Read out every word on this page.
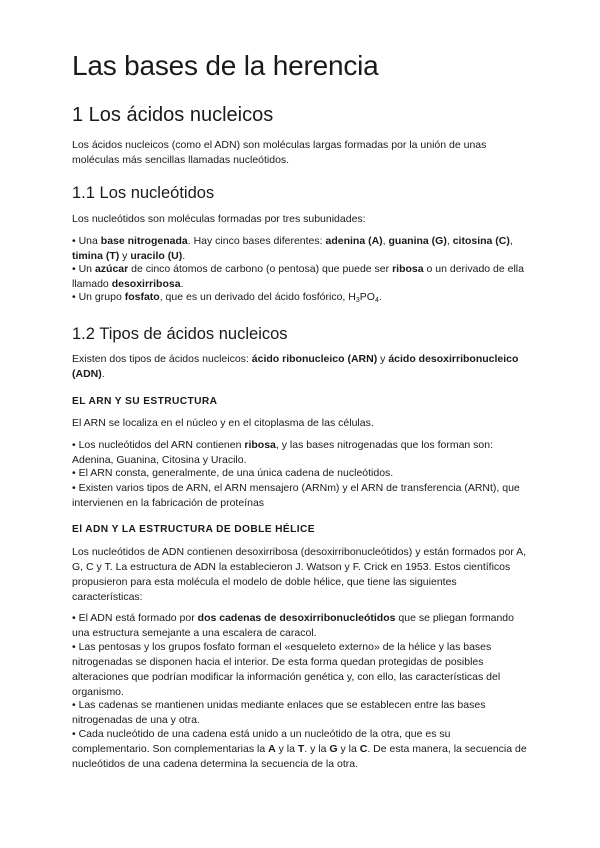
Las bases de la herencia
1 Los ácidos nucleicos

Los ácidos nucleicos (como el ADN) son moléculas largas formadas por la unión de unas moléculas más sencillas llamadas nucleótidos.

1.1 Los nucleótidos

Los nucleótidos son moléculas formadas por tres subunidades:

• Una base nitrogenada. Hay cinco bases diferentes: adenina (A), guanina (G), citosina (C), timina (T) y uracilo (U).

• Un azúcar de cinco átomos de carbono (o pentosa) que puede ser ribosa o un derivado de ella llamado desoxirribosa.

• Un grupo fosfato, que es un derivado del ácido fosfórico, H3PO4.

1.2 Tipos de ácidos nucleicos

Existen dos tipos de ácidos nucleicos: ácido ribonucleico (ARN) y ácido desoxirribonucleico (ADN).

EL ARN Y SU ESTRUCTURA

El ARN se localiza en el núcleo y en el citoplasma de las células.

• Los nucleótidos del ARN contienen ribosa, y las bases nitrogenadas que los forman son: Adenina, Guanina, Citosina y Uracilo.

• El ARN consta, generalmente, de una única cadena de nucleótidos.

• Existen varios tipos de ARN, el ARN mensajero (ARNm) y el ARN de transferencia (ARNt), que intervienen en la fabricación de proteínas

El ADN Y LA ESTRUCTURA DE DOBLE HÉLICE

Los nucleótidos de ADN contienen desoxirribosa (desoxirribonucleótidos) y están formados por A, G, C y T. La estructura de ADN la establecieron J. Watson y F. Crick en 1953. Estos científicos propusieron para esta molécula el modelo de doble hélice, que tiene las siguientes características:

• El ADN está formado por dos cadenas de desoxirribonucleótidos que se pliegan formando una estructura semejante a una escalera de caracol.

• Las pentosas y los grupos fosfato forman el «esqueleto externo» de la hélice y las bases nitrogenadas se disponen hacia el interior. De esta forma quedan protegidas de posibles alteraciones que podrían modificar la información genética y, con ello, las características del organismo.

• Las cadenas se mantienen unidas mediante enlaces que se establecen entre las bases nitrogenadas de una y otra.

• Cada nucleótido de una cadena está unido a un nucleótido de la otra, que es su complementario. Son complementarias la A y la T. y la G y la C. De esta manera, la secuencia de nucleótidos de una cadena determina la secuencia de la otra.
